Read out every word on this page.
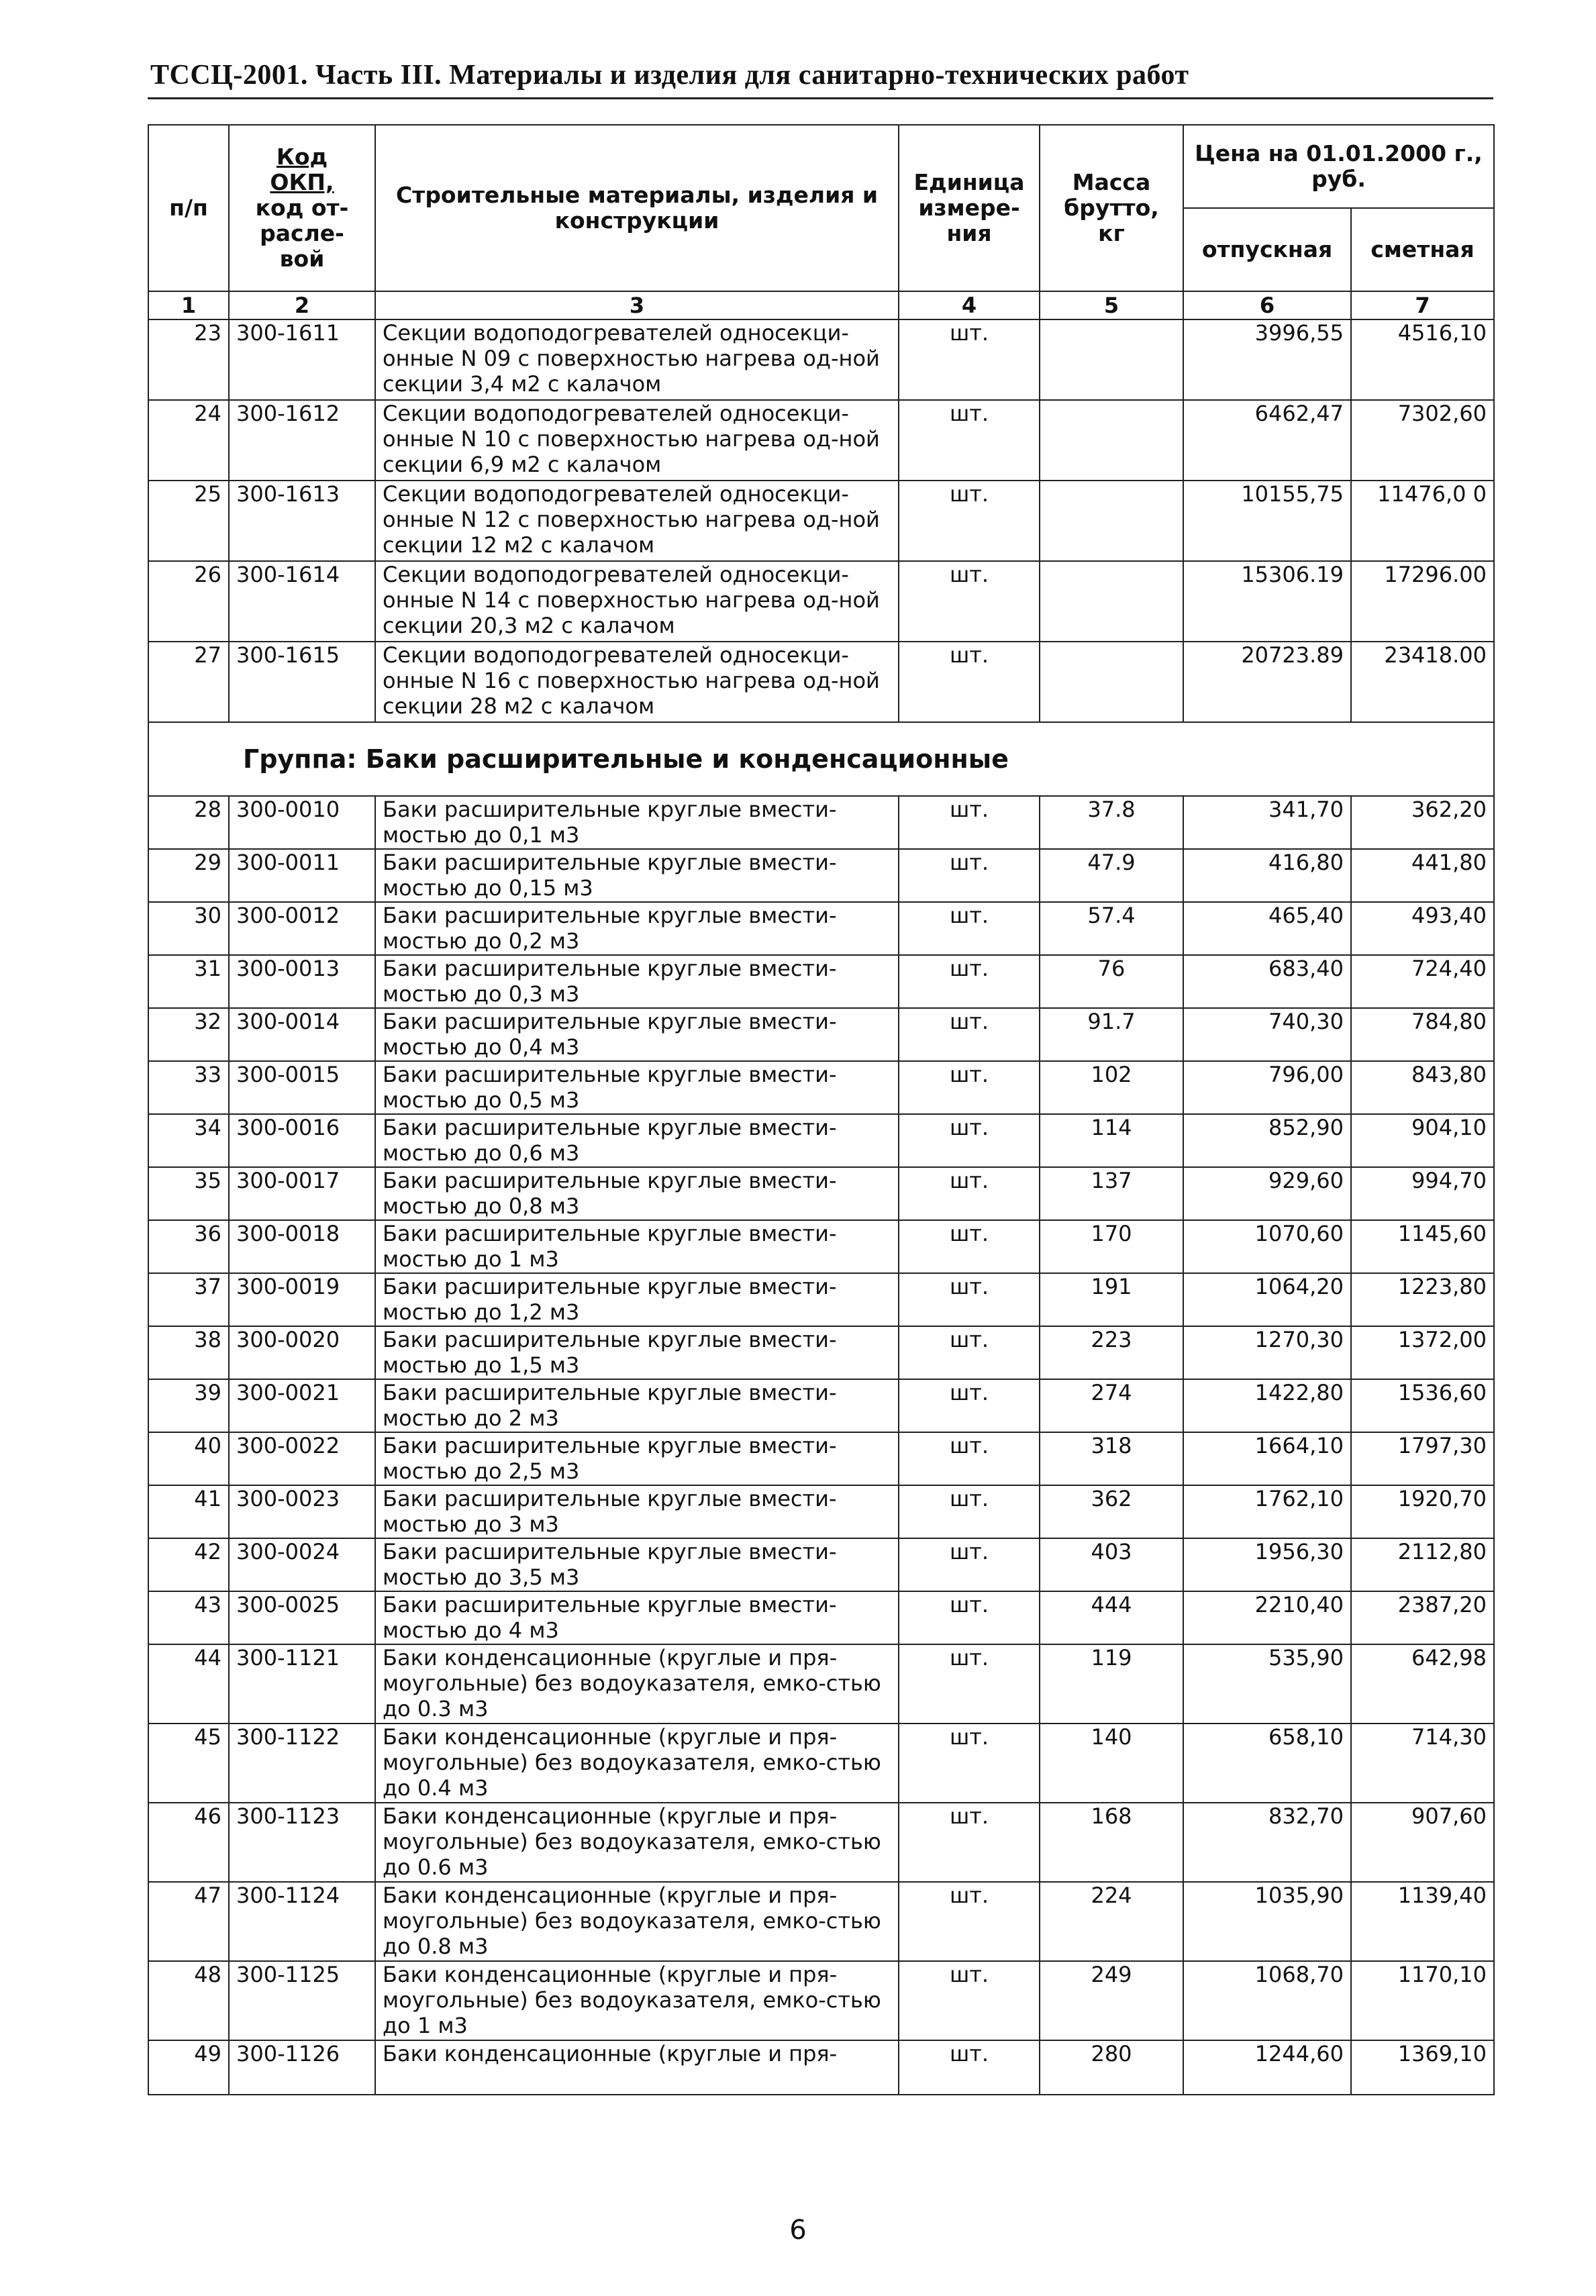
ТССЦ-2001. Часть III. Материалы и изделия для санитарно-технических работ
п/п	Код
ОКП,
код от-
расле-
вой	Строительные материалы, изделия и конструкции	Единица измере-ния	Масса брутто, кг	Цена на 01.01.2000 г., руб.	
					отпускная	сметная
1	2	3	4	5	6	7
23	300-1611	Секции водоподогревателей односекци-онные N 09 с поверхностью нагрева од-ной секции 3,4 м2 с калачом	шт.		3996,55	4516,10
24	300-1612	Секции водоподогревателей односекци-онные N 10 с поверхностью нагрева од-ной секции 6,9 м2 с калачом	шт.		6462,47	7302,60
25	300-1613	Секции водоподогревателей односекци-онные N 12 с поверхностью нагрева од-ной секции 12 м2 с калачом	шт.		10155,75	11476,0 0
26	300-1614	Секции водоподогревателей односекци-онные N 14 с поверхностью нагрева од-ной секции 20,3 м2 с калачом	шт.		15306.19	17296.00
27	300-1615	Секции водоподогревателей односекци-онные N 16 с поверхностью нагрева од-ной секции 28 м2 с калачом	шт.		20723.89	23418.00
Группа: Баки расширительные и конденсационные						
28	300-0010	Баки расширительные круглые вмести-мостью до 0,1 м3	шт.	37.8	341,70	362,20
29	300-0011	Баки расширительные круглые вмести-мостью до 0,15 м3	шт.	47.9	416,80	441,80
30	300-0012	Баки расширительные круглые вмести-мостью до 0,2 м3	шт.	57.4	465,40	493,40
31	300-0013	Баки расширительные круглые вмести-мостью до 0,3 м3	шт.	76	683,40	724,40
32	300-0014	Баки расширительные круглые вмести-мостью до 0,4 м3	шт.	91.7	740,30	784,80
33	300-0015	Баки расширительные круглые вмести-мостью до 0,5 м3	шт.	102	796,00	843,80
34	300-0016	Баки расширительные круглые вмести-мостью до 0,6 м3	шт.	114	852,90	904,10
35	300-0017	Баки расширительные круглые вмести-мостью до 0,8 м3	шт.	137	929,60	994,70
36	300-0018	Баки расширительные круглые вмести-мостью до 1 м3	шт.	170	1070,60	1145,60
37	300-0019	Баки расширительные круглые вмести-мостью до 1,2 м3	шт.	191	1064,20	1223,80
38	300-0020	Баки расширительные круглые вмести-мостью до 1,5 м3	шт.	223	1270,30	1372,00
39	300-0021	Баки расширительные круглые вмести-мостью до 2 м3	шт.	274	1422,80	1536,60
40	300-0022	Баки расширительные круглые вмести-мостью до 2,5 м3	шт.	318	1664,10	1797,30
41	300-0023	Баки расширительные круглые вмести-мостью до 3 м3	шт.	362	1762,10	1920,70
42	300-0024	Баки расширительные круглые вмести-мостью до 3,5 м3	шт.	403	1956,30	2112,80
43	300-0025	Баки расширительные круглые вмести-мостью до 4 м3	шт.	444	2210,40	2387,20
44	300-1121	Баки конденсационные (круглые и пря-моугольные) без водоуказателя, емко-стью до 0.3 м3	шт.	119	535,90	642,98
45	300-1122	Баки конденсационные (круглые и пря-моугольные) без водоуказателя, емко-стью до 0.4 м3	шт.	140	658,10	714,30
46	300-1123	Баки конденсационные (круглые и пря-моугольные) без водоуказателя, емко-стью до 0.6 м3	шт.	168	832,70	907,60
47	300-1124	Баки конденсационные (круглые и пря-моугольные) без водоуказателя, емко-стью до 0.8 м3	шт.	224	1035,90	1139,40
48	300-1125	Баки конденсационные (круглые и пря-моугольные) без водоуказателя, емко-стью до 1 м3	шт.	249	1068,70	1170,10
49	300-1126	Баки конденсационные (круглые и пря-	шт.	280	1244,60	1369,10
6
